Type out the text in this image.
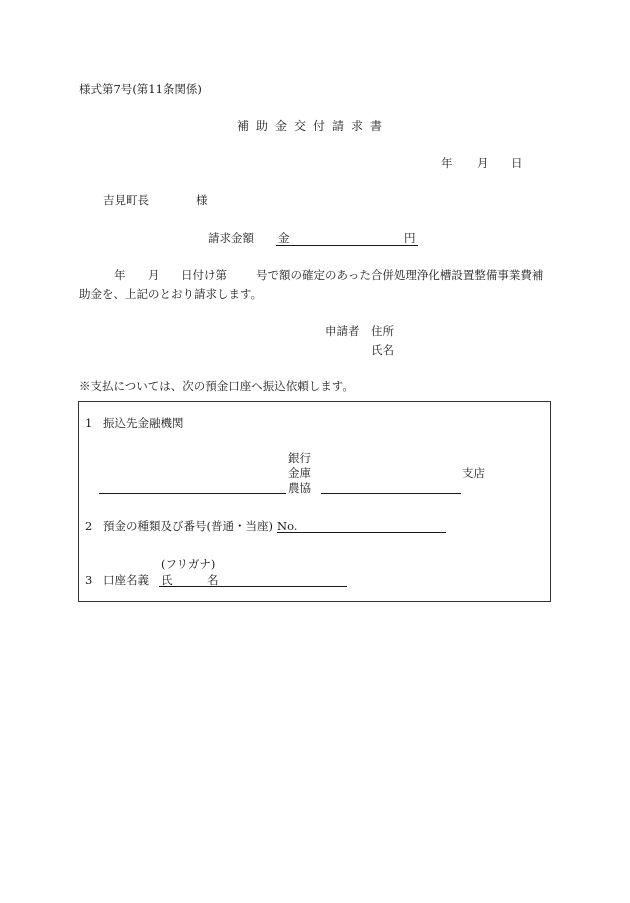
様式第7号(第11条関係)
補助金交付請求書
年 月 日
吉見町長	様
請求金額 金	円
年 月 日付け第	号で額の確定のあった合併処理浄化槽設置整備事業費補
助金を、上記のとおり請求します。
申請者 住所
氏名
※支払については、次の預金口座へ振込依頼します。
1 振込先金融機関
銀行
金庫
農協
支店
2 預金の種類及び番号(普通・当座) No.
(フリガナ)
3 口座名義 氏	名
